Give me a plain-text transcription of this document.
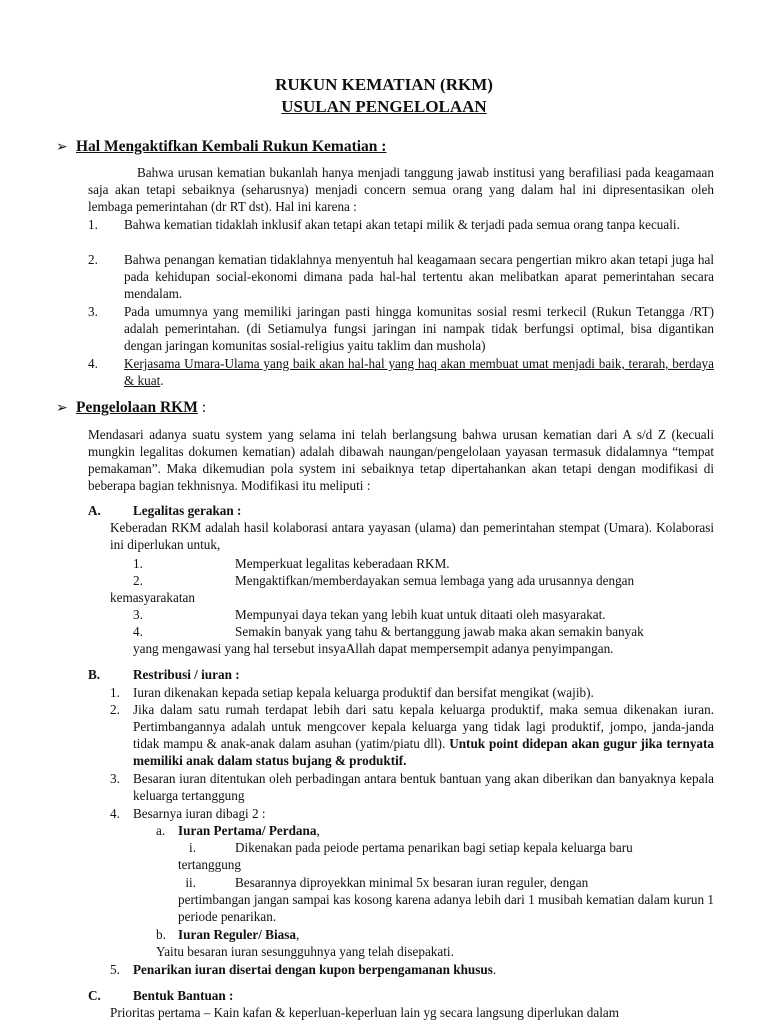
RUKUN KEMATIAN (RKM)
USULAN PENGELOLAAN
➢ Hal Mengaktifkan Kembali Rukun Kematian :
Bahwa urusan kematian bukanlah hanya menjadi tanggung jawab institusi yang berafiliasi pada keagamaan saja akan tetapi sebaiknya (seharusnya) menjadi concern semua orang yang dalam hal ini dipresentasikan oleh lembaga pemerintahan (dr RT dst). Hal ini karena :
1. Bahwa kematian tidaklah inklusif akan tetapi akan tetapi milik & terjadi pada semua orang tanpa kecuali.
2. Bahwa penangan kematian tidaklahnya menyentuh hal keagamaan secara pengertian mikro akan tetapi juga hal pada kehidupan social-ekonomi dimana pada hal-hal tertentu akan melibatkan aparat pemerintahan secara mendalam.
3. Pada umumnya yang memiliki jaringan pasti hingga komunitas sosial resmi terkecil (Rukun Tetangga /RT) adalah pemerintahan. (di Setiamulya fungsi jaringan ini nampak tidak berfungsi optimal, bisa digantikan dengan jaringan komunitas sosial-religius yaitu taklim dan mushola)
4. Kerjasama Umara-Ulama yang baik akan hal-hal yang haq akan membuat umat menjadi baik, terarah, berdaya & kuat.
➢ Pengelolaan RKM :
Mendasari adanya suatu system yang selama ini telah berlangsung bahwa urusan kematian dari A s/d Z (kecuali mungkin legalitas dokumen kematian) adalah dibawah naungan/pengelolaan yayasan termasuk didalamnya “tempat pemakaman”. Maka dikemudian pola system ini sebaiknya tetap dipertahankan akan tetapi dengan modifikasi di beberapa bagian tekhnisnya. Modifikasi itu meliputi :
A. Legalitas gerakan :
Keberadan RKM adalah hasil kolaborasi antara yayasan (ulama) dan pemerintahan stempat (Umara). Kolaborasi ini diperlukan untuk,
1.	Memperkuat legalitas keberadaan RKM.
2.	Mengaktifkan/memberdayakan semua lembaga yang ada urusannya dengan
kemasyarakatan
3.	Mempunyai daya tekan yang lebih kuat untuk ditaati oleh masyarakat.
4.	Semakin banyak yang tahu & bertanggung jawab maka akan semakin banyak
yang mengawasi yang hal tersebut insyaAllah dapat mempersempit adanya penyimpangan.
B. Restribusi / iuran :
1. Iuran dikenakan kepada setiap kepala keluarga produktif dan bersifat mengikat (wajib).
2. Jika dalam satu rumah terdapat lebih dari satu kepala keluarga produktif, maka semua dikenakan iuran. Pertimbangannya adalah untuk mengcover kepala keluarga yang tidak lagi produktif, jompo, janda-janda tidak mampu & anak-anak dalam asuhan (yatim/piatu dll). Untuk point didepan akan gugur jika ternyata memiliki anak dalam status bujang & produktif.
3. Besaran iuran ditentukan oleh perbadingan antara bentuk bantuan yang akan diberikan dan banyaknya kepala keluarga tertanggung
4. Besarnya iuran dibagi 2 :
a. Iuran Pertama/ Perdana,
i.	Dikenakan pada peiode pertama penarikan bagi setiap kepala keluarga baru
tertanggung
ii.	Besarannya diproyekkan minimal 5x besaran iuran reguler, dengan
pertimbangan jangan sampai kas kosong karena adanya lebih dari 1 musibah kematian dalam kurun 1 periode penarikan.
b. Iuran Reguler/ Biasa,
Yaitu besaran iuran sesungguhnya yang telah disepakati.
5. Penarikan iuran disertai dengan kupon berpengamanan khusus.
C. Bentuk Bantuan :
Prioritas pertama – Kain kafan & keperluan-keperluan lain yg secara langsung diperlukan dalam
